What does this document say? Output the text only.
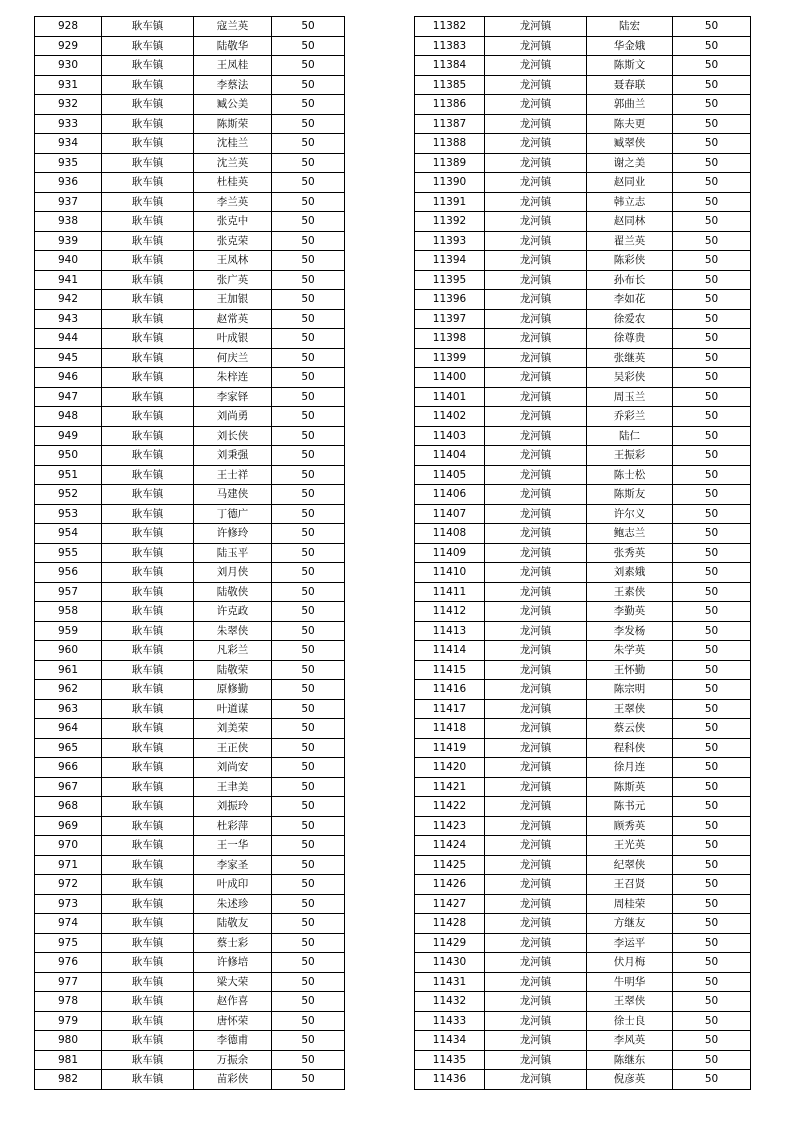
928	耿车镇	寇兰英	50
929	耿车镇	陆敬华	50
930	耿车镇	王凤桂	50
931	耿车镇	李蔡法	50
932	耿车镇	臧公美	50
933	耿车镇	陈斯荣	50
934	耿车镇	沈桂兰	50
935	耿车镇	沈兰英	50
936	耿车镇	杜桂英	50
937	耿车镇	李兰英	50
938	耿车镇	张克中	50
939	耿车镇	张克荣	50
940	耿车镇	王凤林	50
941	耿车镇	张广英	50
942	耿车镇	王加银	50
943	耿车镇	赵常英	50
944	耿车镇	叶成银	50
945	耿车镇	何庆兰	50
946	耿车镇	朱梓连	50
947	耿车镇	李家铎	50
948	耿车镇	刘尚勇	50
949	耿车镇	刘长侠	50
950	耿车镇	刘秉强	50
951	耿车镇	王士祥	50
952	耿车镇	马建侠	50
953	耿车镇	丁德广	50
954	耿车镇	许修玲	50
955	耿车镇	陆玉平	50
956	耿车镇	刘月侠	50
957	耿车镇	陆敬侠	50
958	耿车镇	许克政	50
959	耿车镇	朱翠侠	50
960	耿车镇	凡彩兰	50
961	耿车镇	陆敬荣	50
962	耿车镇	原修勤	50
963	耿车镇	叶道谋	50
964	耿车镇	刘美荣	50
965	耿车镇	王正侠	50
966	耿车镇	刘尚安	50
967	耿车镇	王聿美	50
968	耿车镇	刘振玲	50
969	耿车镇	杜彩萍	50
970	耿车镇	王一华	50
971	耿车镇	李家圣	50
972	耿车镇	叶成印	50
973	耿车镇	朱述珍	50
974	耿车镇	陆敬友	50
975	耿车镇	蔡士彩	50
976	耿车镇	许修培	50
977	耿车镇	梁大荣	50
978	耿车镇	赵作喜	50
979	耿车镇	唐怀荣	50
980	耿车镇	李德甫	50
981	耿车镇	万振余	50
982	耿车镇	苗彩侠	50
11382	龙河镇	陆宏	50
11383	龙河镇	华金娥	50
11384	龙河镇	陈斯文	50
11385	龙河镇	聂春联	50
11386	龙河镇	郭曲兰	50
11387	龙河镇	陈夫更	50
11388	龙河镇	臧翠侠	50
11389	龙河镇	谢之美	50
11390	龙河镇	赵同业	50
11391	龙河镇	韩立志	50
11392	龙河镇	赵同林	50
11393	龙河镇	翟兰英	50
11394	龙河镇	陈彩侠	50
11395	龙河镇	孙布长	50
11396	龙河镇	李如花	50
11397	龙河镇	徐爱农	50
11398	龙河镇	徐尊贵	50
11399	龙河镇	张继英	50
11400	龙河镇	吴彩侠	50
11401	龙河镇	周玉兰	50
11402	龙河镇	乔彩兰	50
11403	龙河镇	陆仁	50
11404	龙河镇	王振彩	50
11405	龙河镇	陈士松	50
11406	龙河镇	陈斯友	50
11407	龙河镇	许尔义	50
11408	龙河镇	鲍志兰	50
11409	龙河镇	张秀英	50
11410	龙河镇	刘素娥	50
11411	龙河镇	王素侠	50
11412	龙河镇	李勤英	50
11413	龙河镇	李发杨	50
11414	龙河镇	朱学英	50
11415	龙河镇	王怀勤	50
11416	龙河镇	陈宗明	50
11417	龙河镇	王翠侠	50
11418	龙河镇	蔡云侠	50
11419	龙河镇	程科侠	50
11420	龙河镇	徐月连	50
11421	龙河镇	陈斯英	50
11422	龙河镇	陈书元	50
11423	龙河镇	顾秀英	50
11424	龙河镇	王光英	50
11425	龙河镇	纪翠侠	50
11426	龙河镇	王召贤	50
11427	龙河镇	周桂荣	50
11428	龙河镇	方继友	50
11429	龙河镇	李运平	50
11430	龙河镇	伏月梅	50
11431	龙河镇	牛明华	50
11432	龙河镇	王翠侠	50
11433	龙河镇	徐士良	50
11434	龙河镇	李风英	50
11435	龙河镇	陈继东	50
11436	龙河镇	倪彦英	50
